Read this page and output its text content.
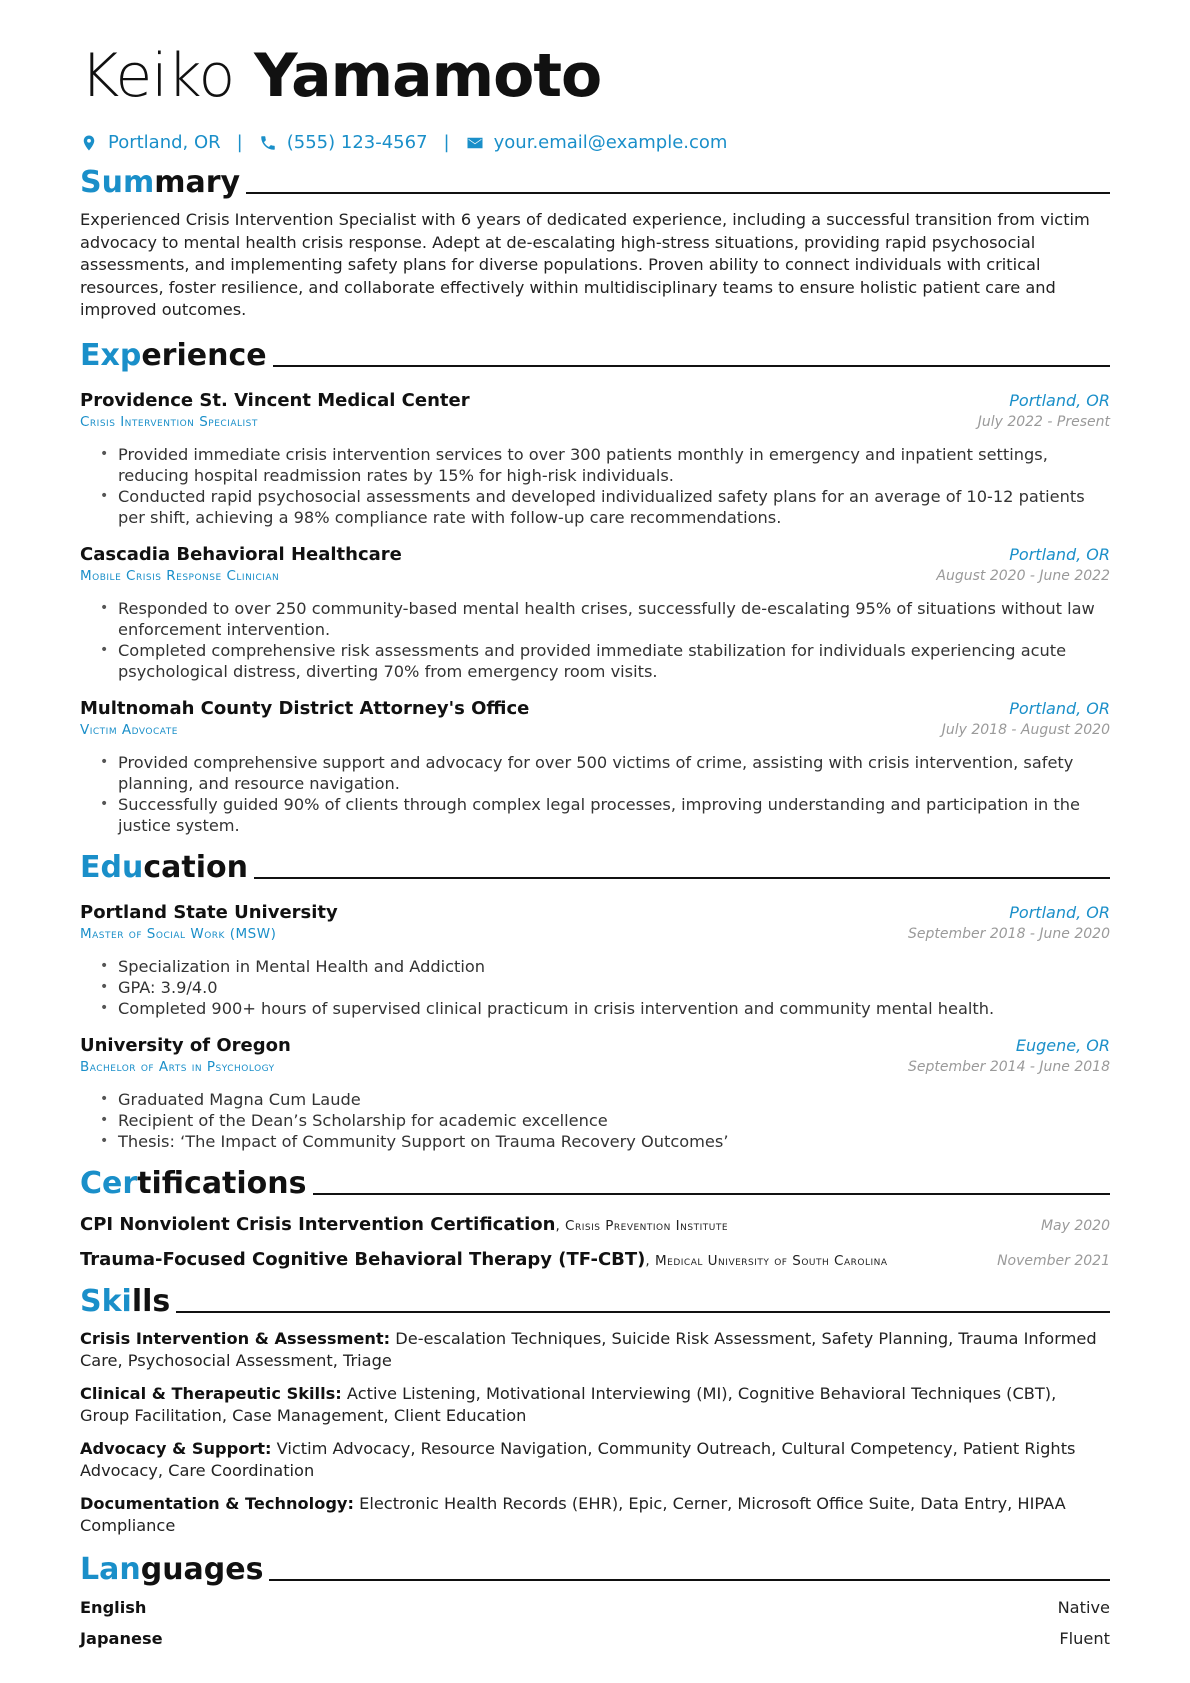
Keiko Yamamoto
Portland, OR | (555) 123-4567 | your.email@example.com
Summary

Experienced Crisis Intervention Specialist with 6 years of dedicated experience, including a successful transition from victim advocacy to mental health crisis response. Adept at de-escalating high-stress situations, providing rapid psychosocial assessments, and implementing safety plans for diverse populations. Proven ability to connect individuals with critical resources, foster resilience, and collaborate effectively within multidisciplinary teams to ensure holistic patient care and improved outcomes.

Experience
Providence St. Vincent Medical Center	Portland, OR
Crisis Intervention Specialist	July 2022 - Present
• Provided immediate crisis intervention services to over 300 patients monthly in emergency and inpatient settings, reducing hospital readmission rates by 15% for high-risk individuals.
• Conducted rapid psychosocial assessments and developed individualized safety plans for an average of 10-12 patients per shift, achieving a 98% compliance rate with follow-up care recommendations.
Cascadia Behavioral Healthcare	Portland, OR
Mobile Crisis Response Clinician	August 2020 - June 2022
• Responded to over 250 community-based mental health crises, successfully de-escalating 95% of situations without law enforcement intervention.
• Completed comprehensive risk assessments and provided immediate stabilization for individuals experiencing acute psychological distress, diverting 70% from emergency room visits.
Multnomah County District Attorney's Office	Portland, OR
Victim Advocate	July 2018 - August 2020
• Provided comprehensive support and advocacy for over 500 victims of crime, assisting with crisis intervention, safety planning, and resource navigation.
• Successfully guided 90% of clients through complex legal processes, improving understanding and participation in the justice system.
Education
Portland State University	Portland, OR
Master of Social Work (MSW)	September 2018 - June 2020
• Specialization in Mental Health and Addiction
• GPA: 3.9/4.0
• Completed 900+ hours of supervised clinical practicum in crisis intervention and community mental health.
University of Oregon	Eugene, OR
Bachelor of Arts in Psychology	September 2014 - June 2018
• Graduated Magna Cum Laude
• Recipient of the Dean’s Scholarship for academic excellence
• Thesis: ‘The Impact of Community Support on Trauma Recovery Outcomes’
Certifications
CPI Nonviolent Crisis Intervention Certification, Crisis Prevention Institute	May 2020
Trauma-Focused Cognitive Behavioral Therapy (TF-CBT), Medical University of South Carolina	November 2021
Skills
Crisis Intervention & Assessment: De-escalation Techniques, Suicide Risk Assessment, Safety Planning, Trauma Informed Care, Psychosocial Assessment, Triage
Clinical & Therapeutic Skills: Active Listening, Motivational Interviewing (MI), Cognitive Behavioral Techniques (CBT), Group Facilitation, Case Management, Client Education
Advocacy & Support: Victim Advocacy, Resource Navigation, Community Outreach, Cultural Competency, Patient Rights Advocacy, Care Coordination
Documentation & Technology: Electronic Health Records (EHR), Epic, Cerner, Microsoft Office Suite, Data Entry, HIPAA Compliance
Languages
English	Native
Japanese	Fluent
